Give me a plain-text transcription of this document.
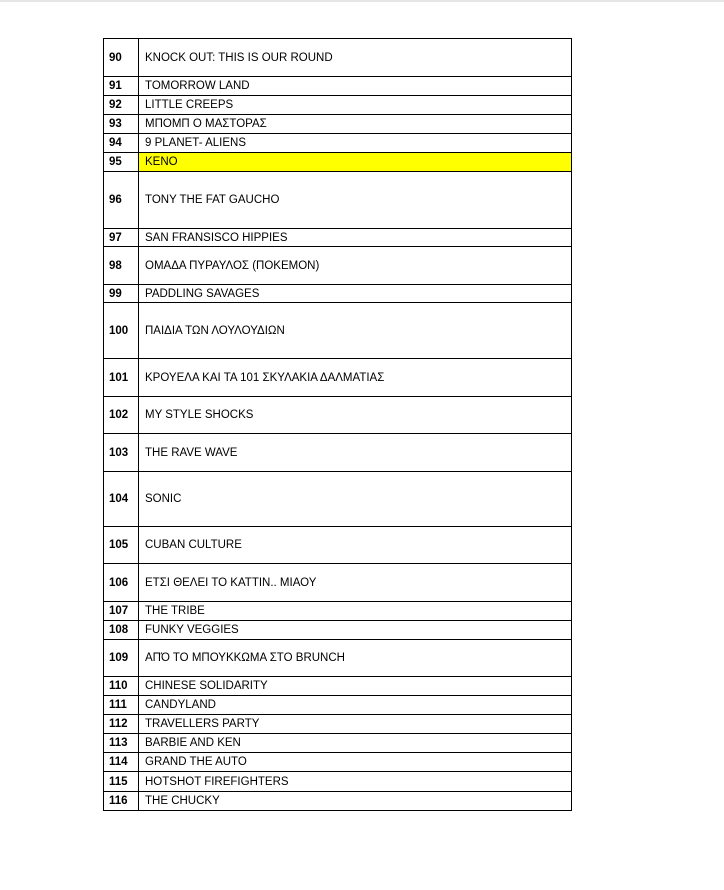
90	KNOCK OUT: THIS IS OUR ROUND
91	TOMORROW LAND
92	LITTLE CREEPS
93	ΜΠΟΜΠ Ο ΜΑΣΤΟΡΑΣ
94	9 PLANET- ALIENS
95	KENO
96	TONY THE FAT GAUCHO
97	SAN FRANSISCO HIPPIES
98	ΟΜΑΔΑ ΠΥΡΑΥΛΟΣ (ΠΟΚΕΜΟΝ)
99	PADDLING SAVAGES
100	ΠΑΙΔΙΑ ΤΩΝ ΛΟΥΛΟΥΔΙΩΝ
101	ΚΡΟΥΕΛΑ ΚΑΙ ΤΑ 101 ΣΚΥΛΑΚΙΑ ΔΑΛΜΑΤΙΑΣ
102	MY STYLE SHOCKS
103	THE RAVE WAVE
104	SONIC
105	CUBAN CULTURE
106	ΕΤΣΙ ΘΕΛΕΙ ΤΟ ΚΑΤΤΙΝ.. ΜΙΑΟΥ
107	THE TRIBE
108	FUNKY VEGGIES
109	ΑΠΌ ΤΟ ΜΠΟΥΚΚΩΜΑ ΣΤΟ BRUNCH
110	CHINESE SOLIDARITY
111	CANDYLAND
112	TRAVELLERS PARTY
113	BARBIE AND KEN
114	GRAND THE AUTO
115	HOTSHOT FIREFIGHTERS
116	THE CHUCKY
